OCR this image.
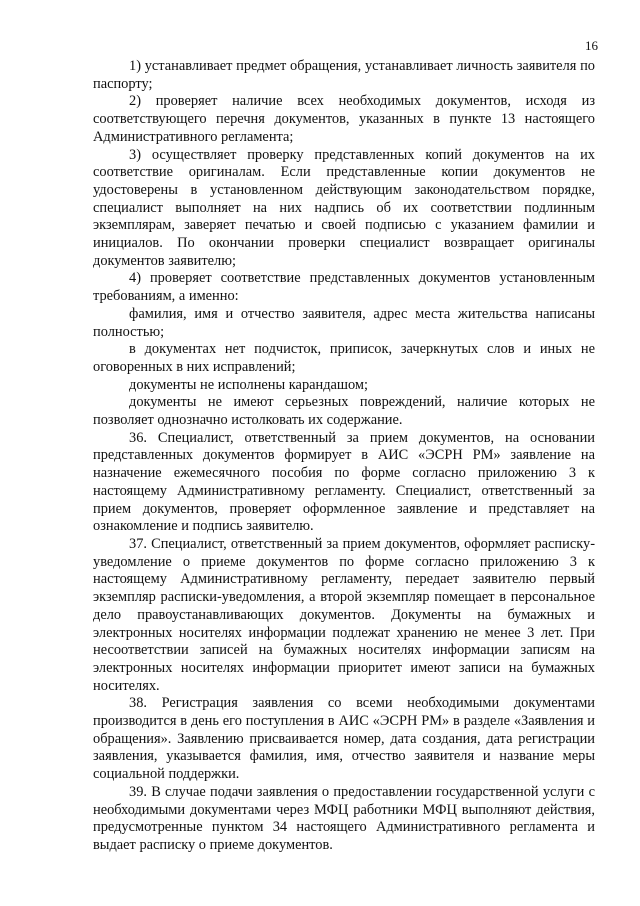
16

1) устанавливает предмет обращения, устанавливает личность заявителя по паспорту;

2) проверяет наличие всех необходимых документов, исходя из соответствующего перечня документов, указанных в пункте 13 настоящего Административного регламента;

3) осуществляет проверку представленных копий документов на их соответствие оригиналам. Если представленные копии документов не удостоверены в установленном действующим законодательством порядке, специалист выполняет на них надпись об их соответствии подлинным экземплярам, заверяет печатью и своей подписью с указанием фамилии и инициалов. По окончании проверки специалист возвращает оригиналы документов заявителю;

4) проверяет соответствие представленных документов установленным требованиям, а именно:

фамилия, имя и отчество заявителя, адрес места жительства написаны полностью;

в документах нет подчисток, приписок, зачеркнутых слов и иных не оговоренных в них исправлений;

документы не исполнены карандашом;

документы не имеют серьезных повреждений, наличие которых не позволяет однозначно истолковать их содержание.

36. Специалист, ответственный за прием документов, на основании представленных документов формирует в АИС «ЭСРН РМ» заявление на назначение ежемесячного пособия по форме согласно приложению 3 к настоящему Административному регламенту. Специалист, ответственный за прием документов, проверяет оформленное заявление и представляет на ознакомление и подпись заявителю.

37. Специалист, ответственный за прием документов, оформляет расписку-уведомление о приеме документов по форме согласно приложению 3 к настоящему Административному регламенту, передает заявителю первый экземпляр расписки-уведомления, а второй экземпляр помещает в персональное дело правоустанавливающих документов. Документы на бумажных и электронных носителях информации подлежат хранению не менее 3 лет. При несоответствии записей на бумажных носителях информации записям на электронных носителях информации приоритет имеют записи на бумажных носителях.

38. Регистрация заявления со всеми необходимыми документами производится в день его поступления в АИС «ЭСРН РМ» в разделе «Заявления и обращения». Заявлению присваивается номер, дата создания, дата регистрации заявления, указывается фамилия, имя, отчество заявителя и название меры социальной поддержки.

39. В случае подачи заявления о предоставлении государственной услуги с необходимыми документами через МФЦ работники МФЦ выполняют действия, предусмотренные пунктом 34 настоящего Административного регламента и выдает расписку о приеме документов.
